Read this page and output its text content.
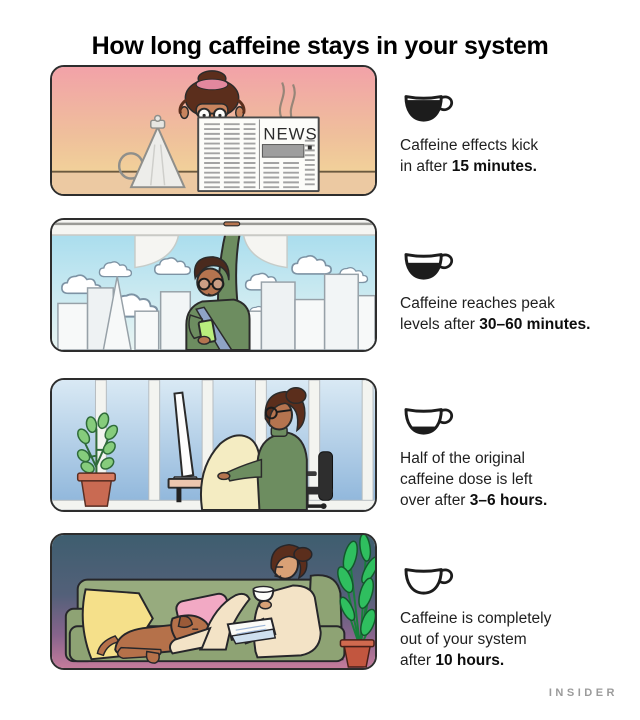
How long caffeine stays in your system
NEWS
Caffeine effects kick
in after 15 minutes.
Caffeine reaches peak
levels after 30–60 minutes.
Half of the original
caffeine dose is left
over after 3–6 hours.
Caffeine is completely
out of your system
after 10 hours.
INSIDER
